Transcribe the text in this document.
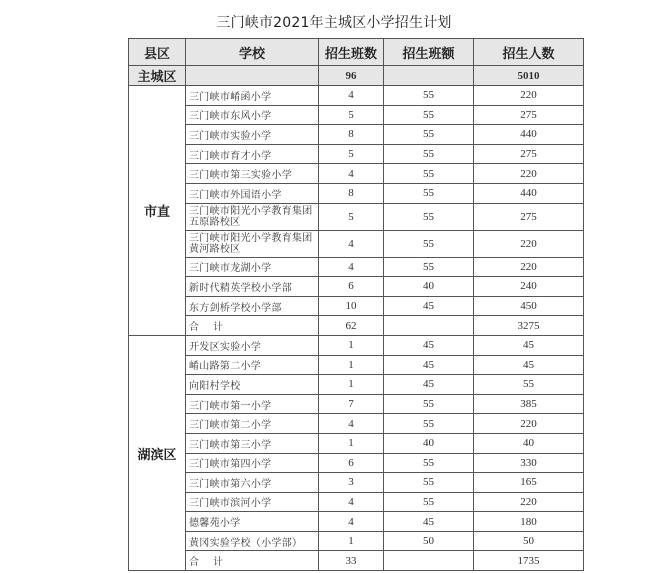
三门峡市2021年主城区小学招生计划
县区	学校	招生班数	招生班额	招生人数
主城区		96		5010
市直	三门峡市崤函小学	4	55	220
	三门峡市东风小学	5	55	275
	三门峡市实验小学	8	55	440
	三门峡市育才小学	5	55	275
	三门峡市第三实验小学	4	55	220
	三门峡市外国语小学	8	55	440
	三门峡市阳光小学教育集团五原路校区	5	55	275
	三门峡市阳光小学教育集团黄河路校区	4	55	220
	三门峡市龙湖小学	4	55	220
	新时代精英学校小学部	6	40	240
	东方剑桥学校小学部	10	45	450
	合计	62		3275
湖滨区	开发区实验小学	1	45	45
	崤山路第二小学	1	45	45
	向阳村学校	1	45	55
	三门峡市第一小学	7	55	385
	三门峡市第二小学	4	55	220
	三门峡市第三小学	1	40	40
	三门峡市第四小学	6	55	330
	三门峡市第六小学	3	55	165
	三门峡市滨河小学	4	55	220
	德馨苑小学	4	45	180
	黄冈实验学校（小学部）	1	50	50
	合计	33		1735
